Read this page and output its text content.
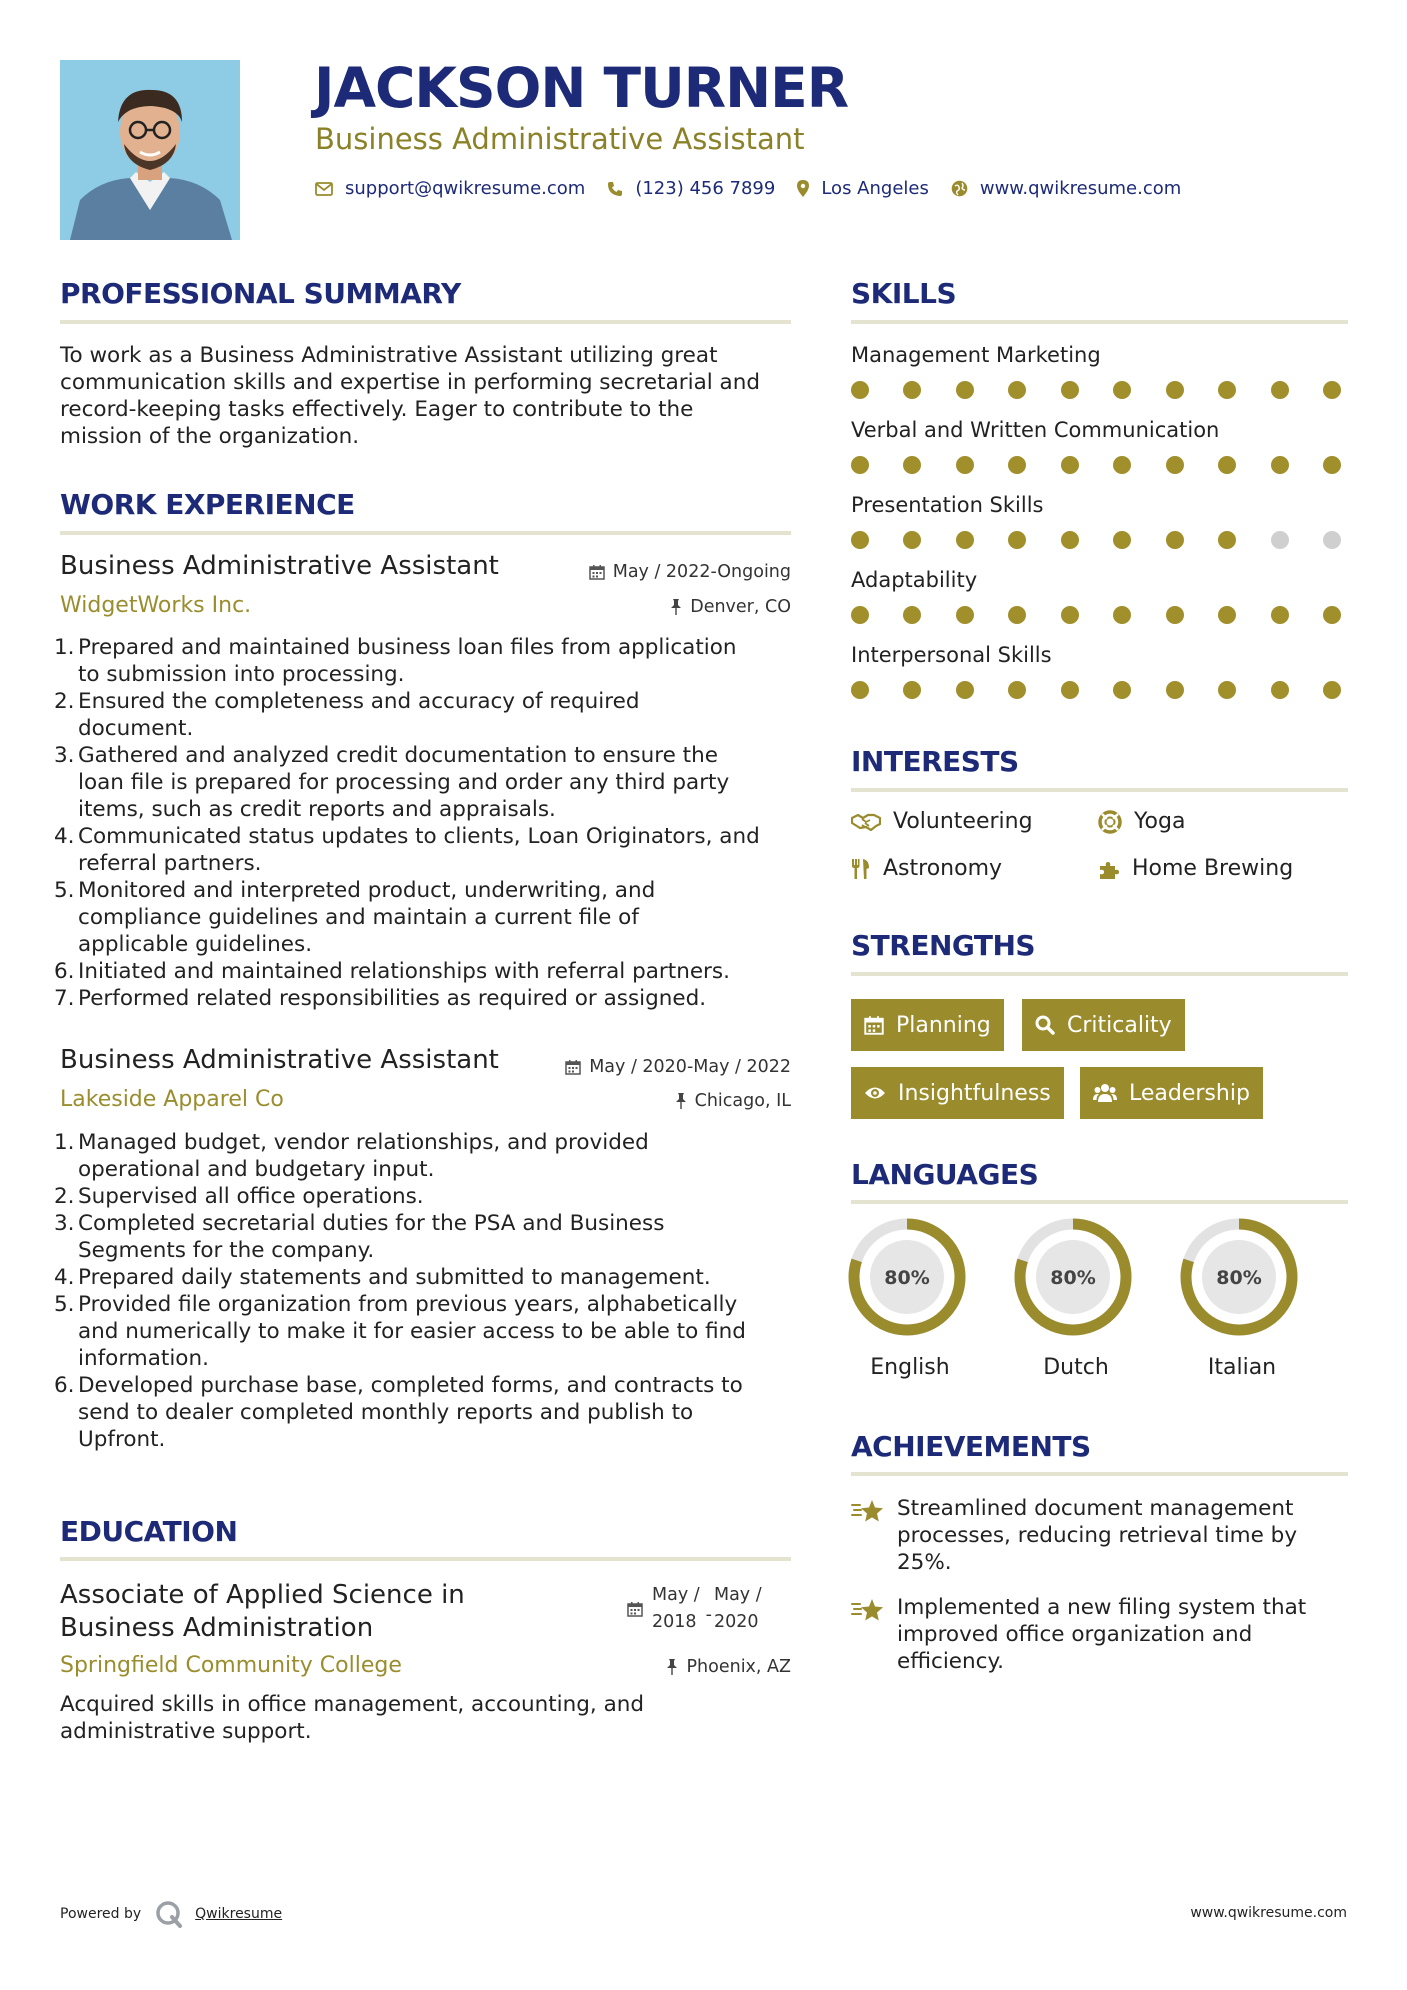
JACKSON TURNER
Business Administrative Assistant
support@qwikresume.com	(123) 456 7899	Los Angeles	www.qwikresume.com
PROFESSIONAL SUMMARY
To work as a Business Administrative Assistant utilizing great
communication skills and expertise in performing secretarial and
record-keeping tasks effectively. Eager to contribute to the
mission of the organization.
WORK EXPERIENCE
Business Administrative Assistant	May / 2022-Ongoing
WidgetWorks Inc.	Denver, CO
1. Prepared and maintained business loan files from application
to submission into processing.
2. Ensured the completeness and accuracy of required
document.
3. Gathered and analyzed credit documentation to ensure the
loan file is prepared for processing and order any third party
items, such as credit reports and appraisals.
4. Communicated status updates to clients, Loan Originators, and
referral partners.
5. Monitored and interpreted product, underwriting, and
compliance guidelines and maintain a current file of
applicable guidelines.
6. Initiated and maintained relationships with referral partners.
7. Performed related responsibilities as required or assigned.
Business Administrative Assistant	May / 2020-May / 2022
Lakeside Apparel Co	Chicago, IL
1. Managed budget, vendor relationships, and provided
operational and budgetary input.
2. Supervised all office operations.
3. Completed secretarial duties for the PSA and Business
Segments for the company.
4. Prepared daily statements and submitted to management.
5. Provided file organization from previous years, alphabetically
and numerically to make it for easier access to be able to find
information.
6. Developed purchase base, completed forms, and contracts to
send to dealer completed monthly reports and publish to
Upfront.
EDUCATION
Associate of Applied Science in
Business Administration
May /
2018 -
May /
2020
Springfield Community College	Phoenix, AZ
Acquired skills in office management, accounting, and
administrative support.
SKILLS
Management Marketing
Verbal and Written Communication
Presentation Skills
Adaptability
Interpersonal Skills
INTERESTS
Volunteering	Yoga
Astronomy	Home Brewing
STRENGTHS
Planning	Criticality
Insightfulness	Leadership
LANGUAGES
80%	80%	80%
English	Dutch	Italian
ACHIEVEMENTS
Streamlined document management
processes, reducing retrieval time by
25%.
Implemented a new filing system that
improved office organization and
efficiency.
Powered by	Qwikresume	www.qwikresume.com
